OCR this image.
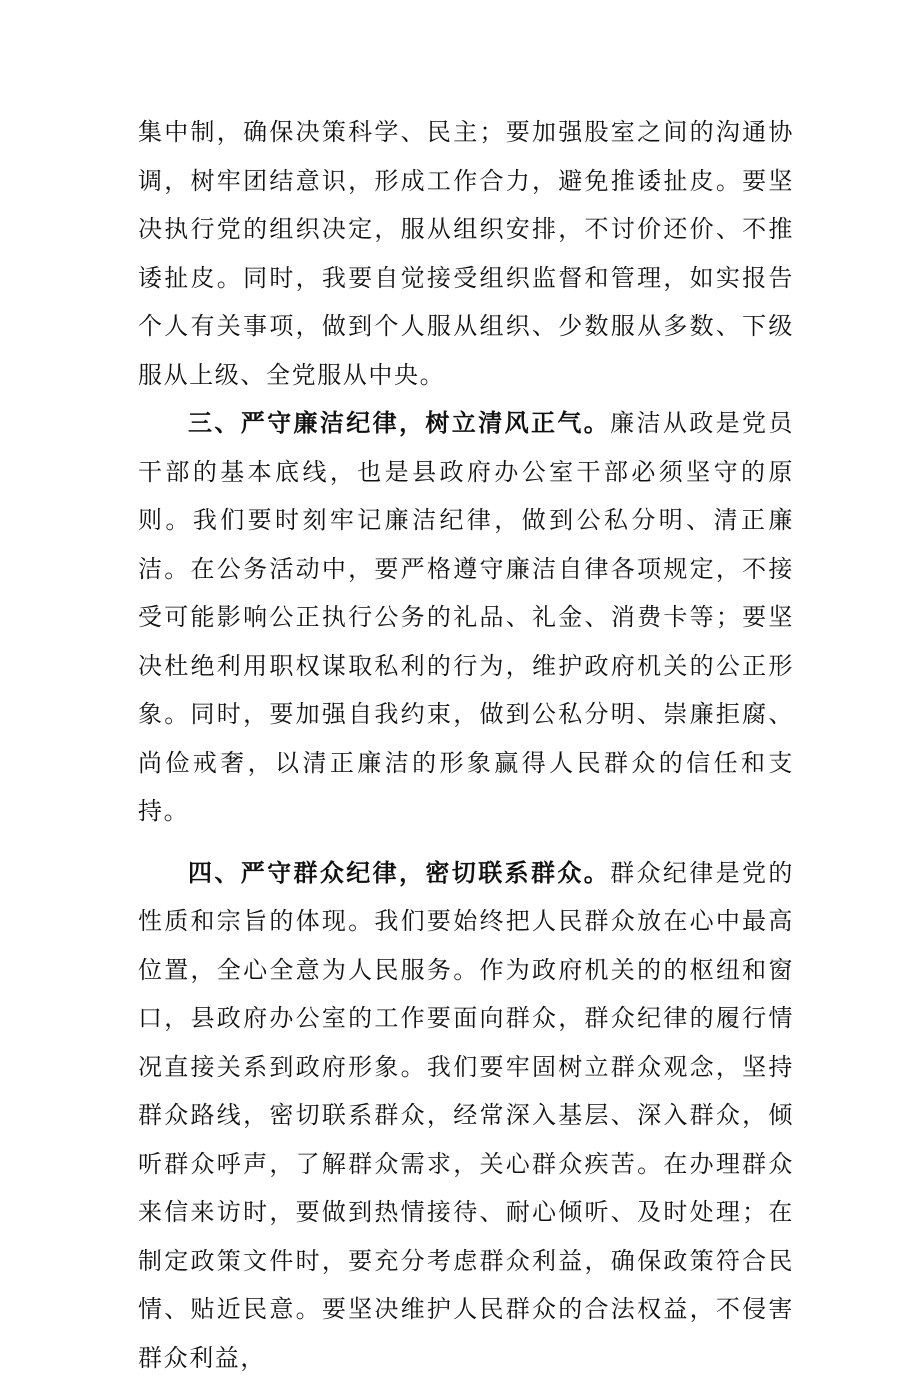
集中制，确保决策科学、民主；要加强股室之间的沟通协调，树牢团结意识，形成工作合力，避免推诿扯皮。要坚决执行党的组织决定，服从组织安排，不讨价还价、不推诿扯皮。同时，我要自觉接受组织监督和管理，如实报告个人有关事项，做到个人服从组织、少数服从多数、下级服从上级、全党服从中央。

三、严守廉洁纪律，树立清风正气。廉洁从政是党员干部的基本底线，也是县政府办公室干部必须坚守的原则。我们要时刻牢记廉洁纪律，做到公私分明、清正廉洁。在公务活动中，要严格遵守廉洁自律各项规定，不接受可能影响公正执行公务的礼品、礼金、消费卡等；要坚决杜绝利用职权谋取私利的行为，维护政府机关的公正形象。同时，要加强自我约束，做到公私分明、崇廉拒腐、尚俭戒奢，以清正廉洁的形象赢得人民群众的信任和支持。

四、严守群众纪律，密切联系群众。群众纪律是党的性质和宗旨的体现。我们要始终把人民群众放在心中最高位置，全心全意为人民服务。作为政府机关的的枢纽和窗口，县政府办公室的工作要面向群众，群众纪律的履行情况直接关系到政府形象。我们要牢固树立群众观念，坚持群众路线，密切联系群众，经常深入基层、深入群众，倾听群众呼声，了解群众需求，关心群众疾苦。在办理群众来信来访时，要做到热情接待、耐心倾听、及时处理；在制定政策文件时，要充分考虑群众利益，确保政策符合民情、贴近民意。要坚决维护人民群众的合法权益，不侵害群众利益，
